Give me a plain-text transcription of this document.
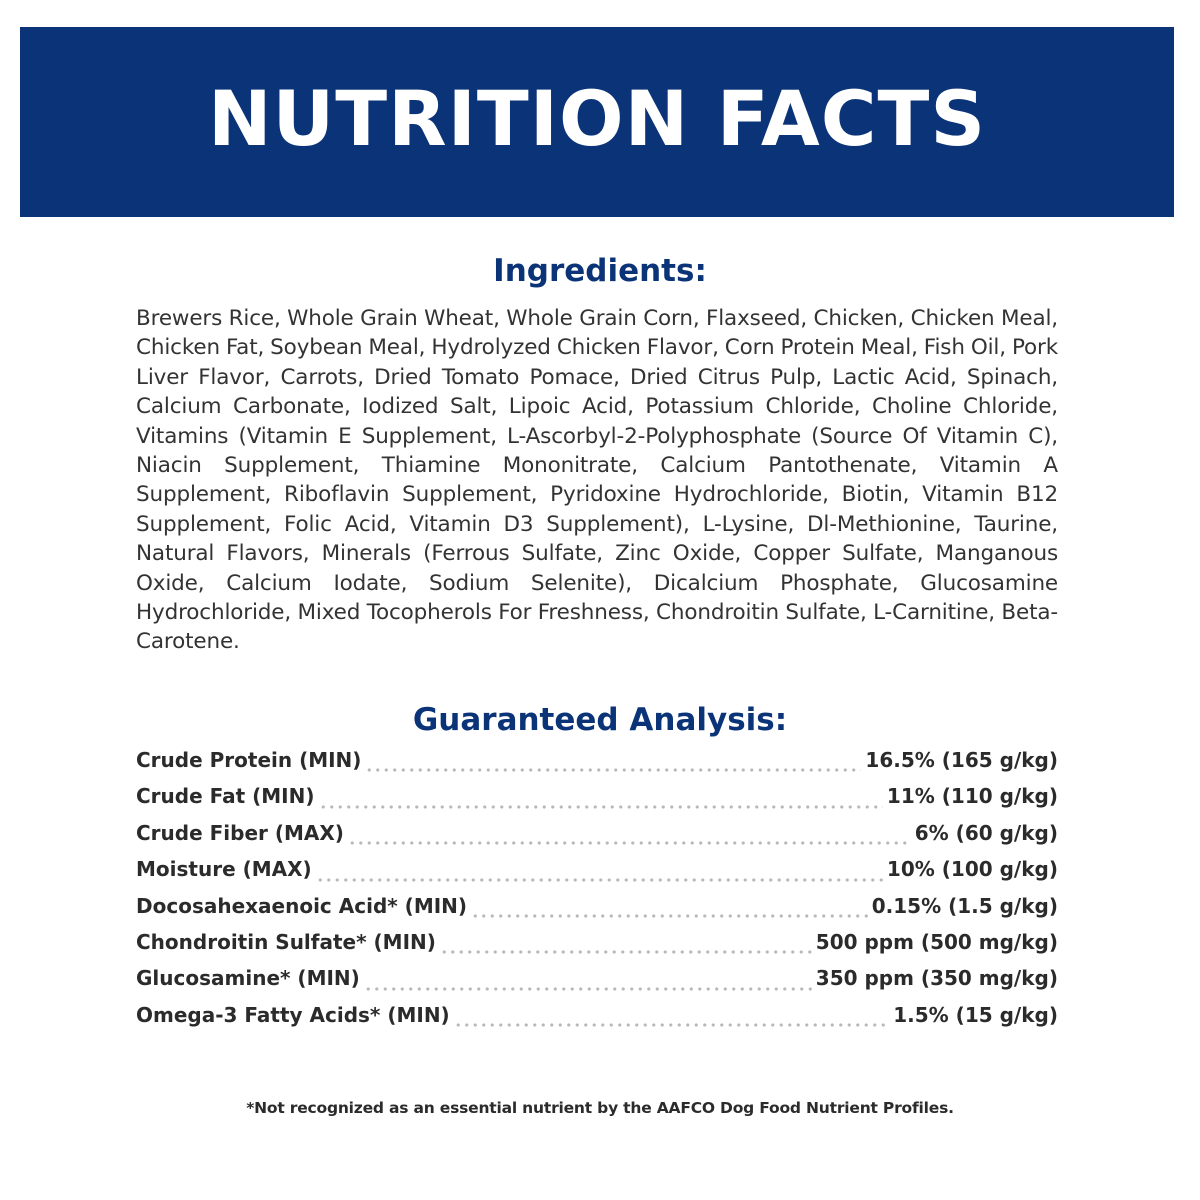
NUTRITION FACTS
Ingredients:

Brewers Rice, Whole Grain Wheat, Whole Grain Corn, Flaxseed, Chicken, Chicken Meal, Chicken Fat, Soybean Meal, Hydrolyzed Chicken Flavor, Corn Protein Meal, Fish Oil, Pork Liver Flavor, Carrots, Dried Tomato Pomace, Dried Citrus Pulp, Lactic Acid, Spinach, Calcium Carbonate, Iodized Salt, Lipoic Acid, Potassium Chloride, Choline Chloride, Vitamins (Vitamin E Supplement, L-Ascorbyl-2-Polyphosphate (Source Of Vitamin C), Niacin Supplement, Thiamine Mononitrate, Calcium Pantothenate, Vitamin A Supplement, Riboflavin Supplement, Pyridoxine Hydrochloride, Biotin, Vitamin B12 Supplement, Folic Acid, Vitamin D3 Supplement), L-Lysine, Dl-Methionine, Taurine, Natural Flavors, Minerals (Ferrous Sulfate, Zinc Oxide, Copper Sulfate, Manganous Oxide, Calcium Iodate, Sodium Selenite), Dicalcium Phosphate, Glucosamine Hydrochloride, Mixed Tocopherols For Freshness, Chondroitin Sulfate, L-Carnitine, Beta-Carotene.

Guaranteed Analysis:
Crude Protein (MIN)	16.5% (165 g/kg)
Crude Fat (MIN)	11% (110 g/kg)
Crude Fiber (MAX)	6% (60 g/kg)
Moisture (MAX)	10% (100 g/kg)
Docosahexaenoic Acid* (MIN)	0.15% (1.5 g/kg)
Chondroitin Sulfate* (MIN)	500 ppm (500 mg/kg)
Glucosamine* (MIN)	350 ppm (350 mg/kg)
Omega-3 Fatty Acids* (MIN)	1.5% (15 g/kg)

*Not recognized as an essential nutrient by the AAFCO Dog Food Nutrient Profiles.
